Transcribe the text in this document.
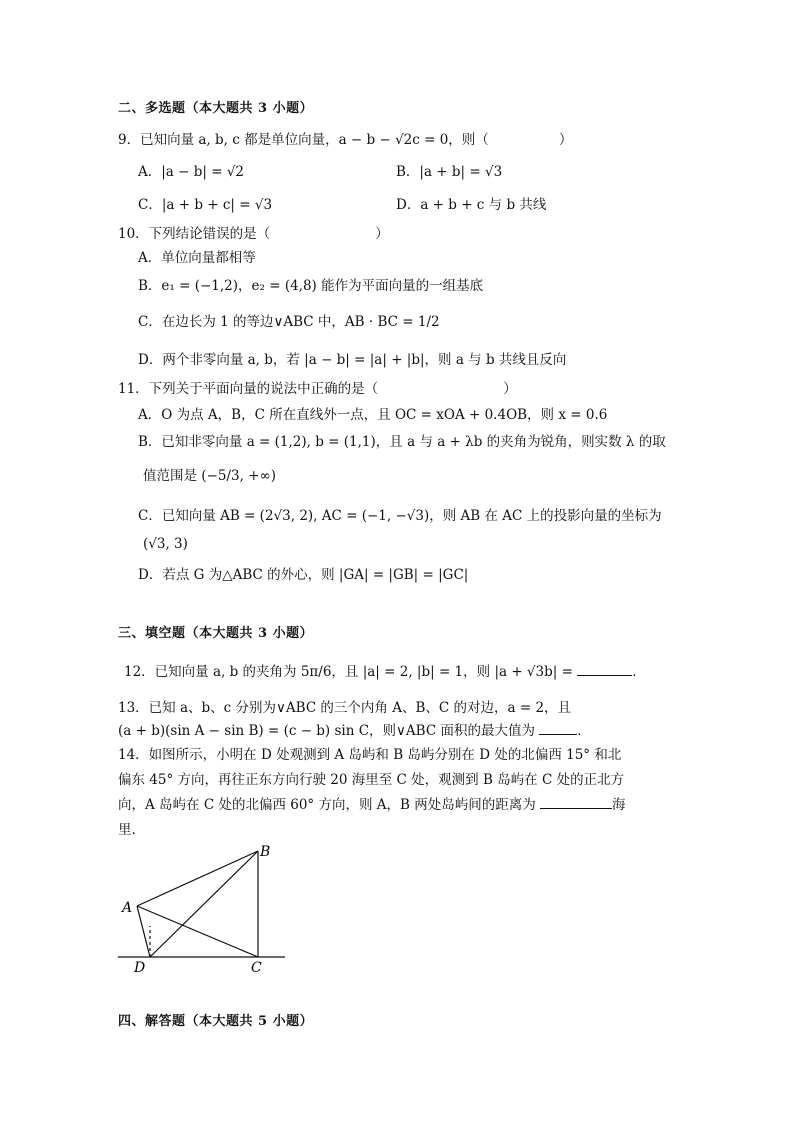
二、多选题（本大题共 3 小题）
9．已知向量 a, b, c 都是单位向量，a − b − √2c = 0，则（	）
A．|a − b| = √2	B．|a + b| = √3
C．|a + b + c| = √3	D．a + b + c 与 b 共线
10．下列结论错误的是（	）
A．单位向量都相等
B．e₁ = (−1,2)，e₂ = (4,8) 能作为平面向量的一组基底
C．在边长为 1 的等边∨ABC 中，AB · BC = 1/2
D．两个非零向量 a, b，若 |a − b| = |a| + |b|，则 a 与 b 共线且反向
11．下列关于平面向量的说法中正确的是（	）
A．O 为点 A，B，C 所在直线外一点，且 OC = xOA + 0.4OB，则 x = 0.6
B．已知非零向量 a = (1,2), b = (1,1)，且 a 与 a + λb 的夹角为锐角，则实数 λ 的取
值范围是 (−5/3, +∞)
C．已知向量 AB = (2√3, 2), AC = (−1, −√3)，则 AB 在 AC 上的投影向量的坐标为
(√3, 3)
D．若点 G 为△ABC 的外心，则 |GA| = |GB| = |GC|
三、填空题（本大题共 3 小题）
12．已知向量 a, b 的夹角为 5π/6，且 |a| = 2, |b| = 1，则 |a + √3b| =	．
13．已知 a、b、c 分别为∨ABC 的三个内角 A、B、C 的对边，a = 2，且
(a + b)(sin A − sin B) = (c − b) sin C，则∨ABC 面积的最大值为	．
14．如图所示，小明在 D 处观测到 A 岛屿和 B 岛屿分别在 D 处的北偏西 15° 和北
偏东 45° 方向，再往正东方向行驶 20 海里至 C 处，观测到 B 岛屿在 C 处的正北方
向，A 岛屿在 C 处的北偏西 60° 方向，则 A，B 两处岛屿间的距离为	海
里.
A
B
C
D
四、解答题（本大题共 5 小题）
